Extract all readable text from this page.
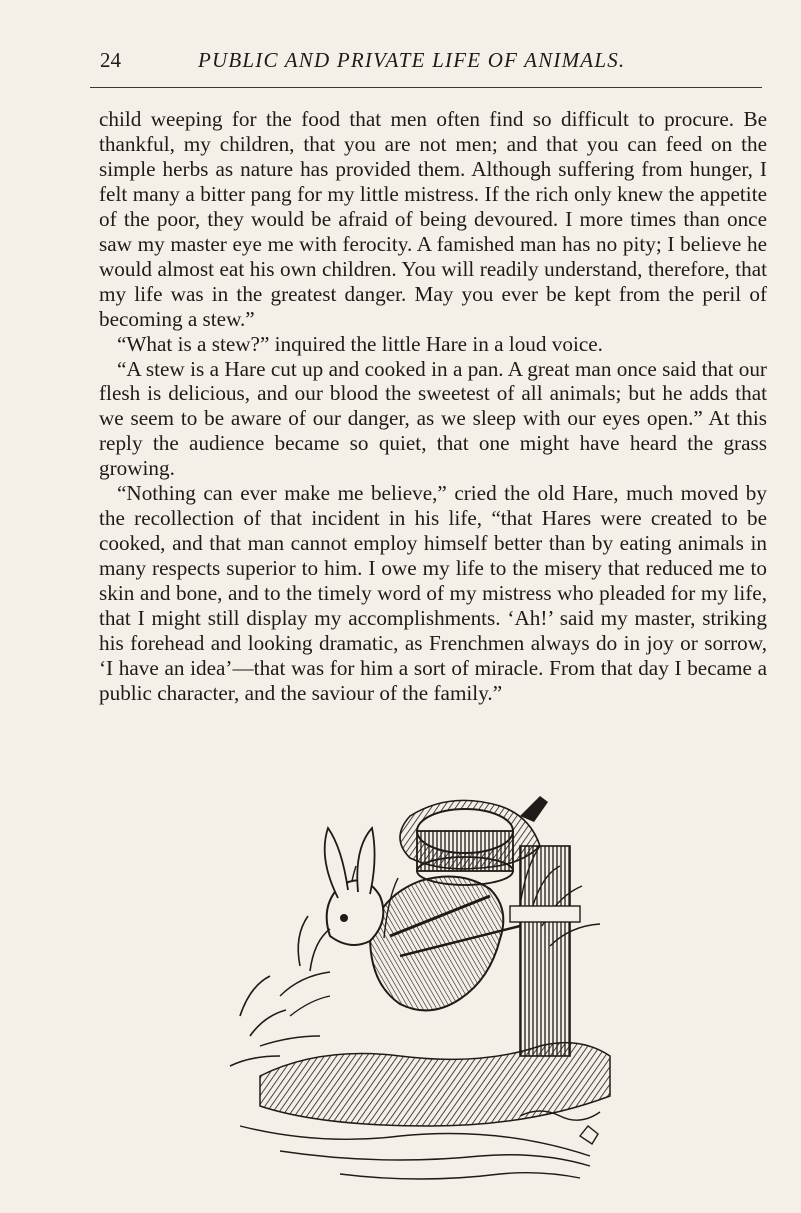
24	PUBLIC AND PRIVATE LIFE OF ANIMALS.

child weeping for the food that men often find so difficult to procure. Be thankful, my children, that you are not men; and that you can feed on the simple herbs as nature has provided them. Although suffering from hunger, I felt many a bitter pang for my little mistress. If the rich only knew the appetite of the poor, they would be afraid of being devoured. I more times than once saw my master eye me with ferocity. A famished man has no pity; I believe he would almost eat his own children. You will readily understand, therefore, that my life was in the greatest danger. May you ever be kept from the peril of becoming a stew.”

“What is a stew?” inquired the little Hare in a loud voice.

“A stew is a Hare cut up and cooked in a pan. A great man once said that our flesh is delicious, and our blood the sweetest of all animals; but he adds that we seem to be aware of our danger, as we sleep with our eyes open.” At this reply the audience became so quiet, that one might have heard the grass growing.

“Nothing can ever make me believe,” cried the old Hare, much moved by the recollection of that incident in his life, “that Hares were created to be cooked, and that man cannot employ himself better than by eating animals in many respects superior to him. I owe my life to the misery that reduced me to skin and bone, and to the timely word of my mistress who pleaded for my life, that I might still display my accomplishments. ‘Ah!’ said my master, striking his forehead and looking dramatic, as Frenchmen always do in joy or sorrow, ‘I have an idea’—that was for him a sort of miracle. From that day I became a public character, and the saviour of the family.”
